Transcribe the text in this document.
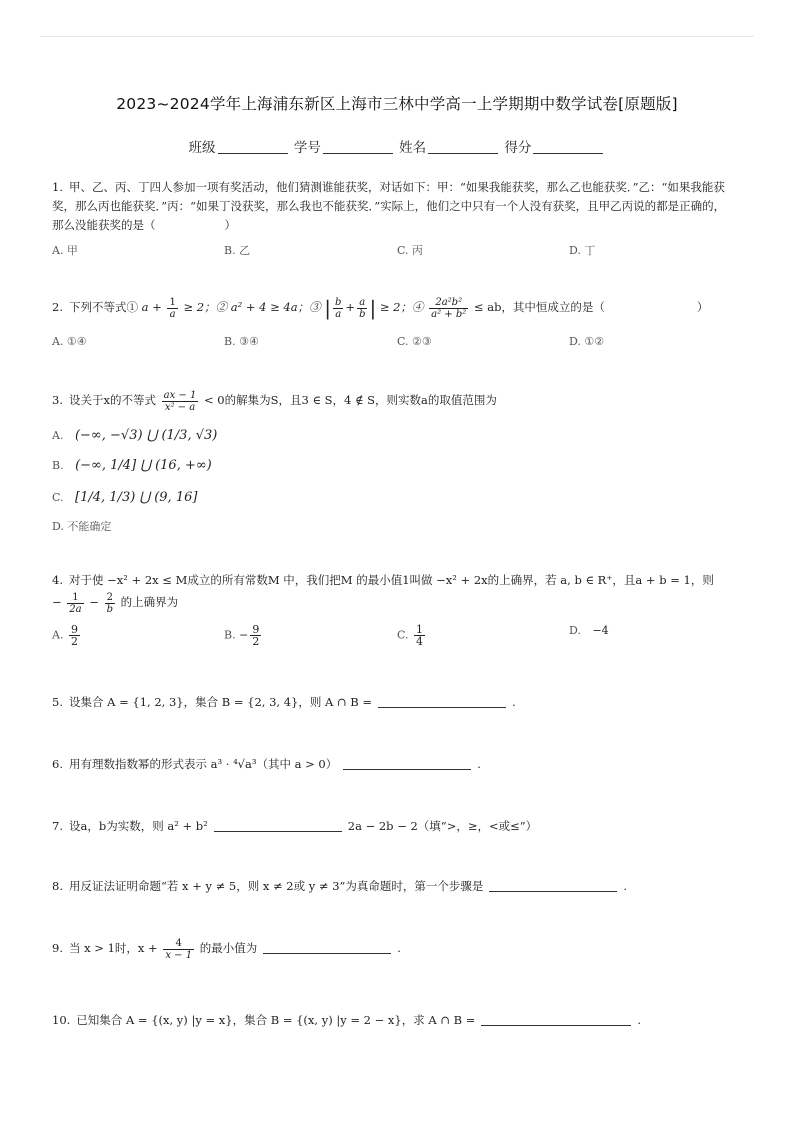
2023~2024学年上海浦东新区上海市三林中学高一上学期期中数学试卷[原题版]
班级	学号	姓名	得分
1. 甲、乙、丙、丁四人参加一项有奖活动，他们猜测谁能获奖，对话如下：甲：“如果我能获奖，那么乙也能获奖．”乙：“如果我能获奖，那么丙也能获奖．”丙：“如果丁没获奖，那么我也不能获奖．”实际上，他们之中只有一个人没有获奖，且甲乙丙说的都是正确的，那么没能获奖的是（　　　　　　）
A. 甲	B. 乙	C. 丙	D. 丁
2. 下列不等式① $a + \frac{1}{a} \ge 2$；② a² + 4 ≥ 4a；③ | $\frac{b}{a} + \frac{a}{b}$ | ≥ 2；④ $\frac{\text{2a²b²}}{\text{a² + b²}}$ ≤ ab，其中恒成立的是（　　　　　　　　）
A. ①④	B. ③④	C. ②③	D. ①②
3. 设关于x的不等式 $\frac{ax - 1}{\text{x² − a}} < 0$的解集为S，且3 ∈ S，4 ∉ S，则实数a的取值范围为
A. (−∞, −√3) ⋃ (1/3, √3)
B. (−∞, 1/4] ⋃ (16, +∞)
C. [1/4, 1/3) ⋃ (9, 16]
D. 不能确定
4. 对于使 −x² + 2x ≤ M成立的所有常数M 中，我们把M 的最小值1叫做 −x² + 2x的上确界，若 a, b ∈ R⁺，且a + b = 1，则
− $\frac{1}{2a} - \frac{2}{b}$ 的上确界为
A. $\frac{9}{2}$	B. − $\frac{9}{2}$	C. $\frac{1}{4}$	D. −4
5. 设集合 A = {1, 2, 3}，集合 B = {2, 3, 4}，则 A ∩ B =	.
6. 用有理数指数幂的形式表示 a³ · ⁴√a³（其中 a > 0）	.
7. 设a，b为实数，则 a² + b²	2a − 2b − 2（填“>，≥，<或≤”）
8. 用反证法证明命题“若 x + y ≠ 5，则 x ≠ 2或 y ≠ 3”为真命题时，第一个步骤是	.
9. 当 x > 1时，$x + \frac{4}{x - 1}$ 的最小值为	.
10. 已知集合 A = {(x, y) |y = x}，集合 B = {(x, y) |y = 2 − x}，求 A ∩ B =	.
